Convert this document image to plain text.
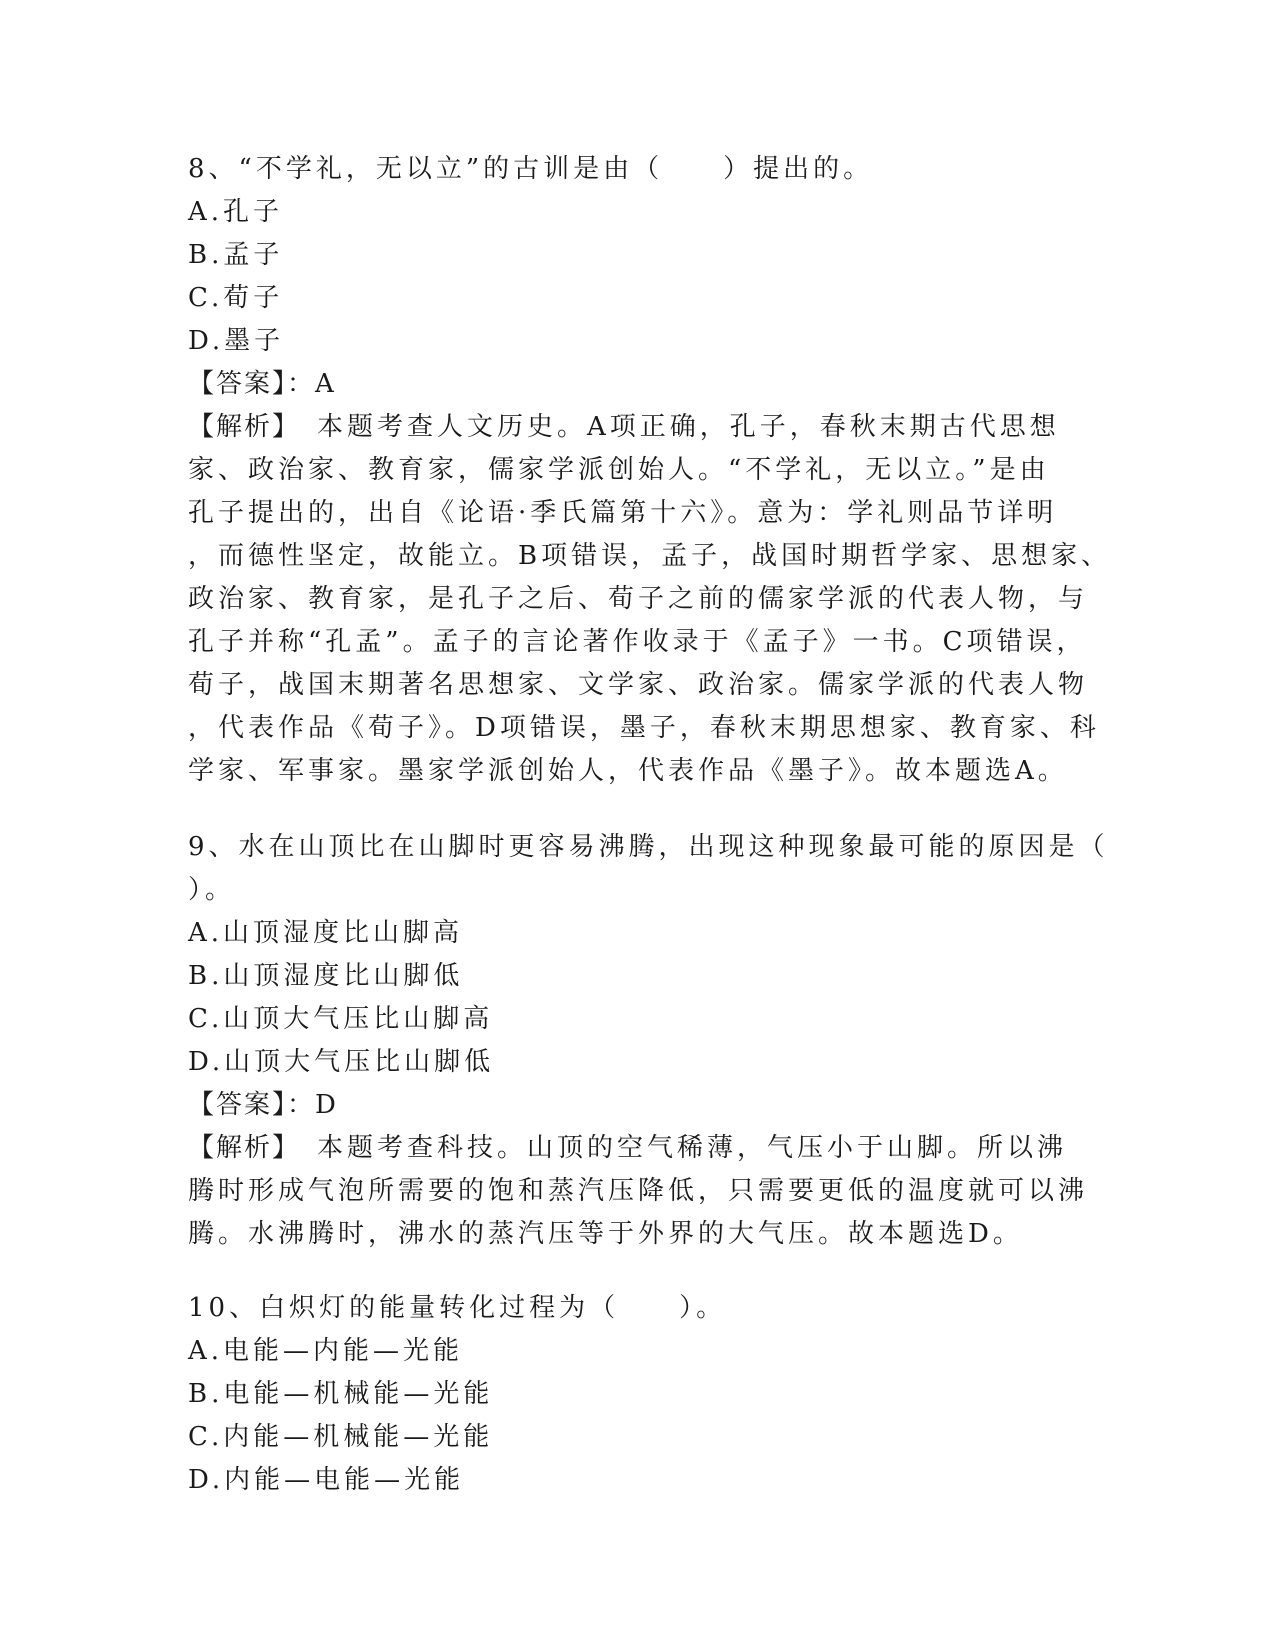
8、“不学礼，无以立”的古训是由（　　）提出的。
A.孔子
B.孟子
C.荀子
D.墨子
【答案】：A
【解析】　本题考查人文历史。A项正确，孔子，春秋末期古代思想
家、政治家、教育家，儒家学派创始人。“不学礼，无以立。”是由
孔子提出的，出自《论语·季氏篇第十六》。意为：学礼则品节详明
，而德性坚定，故能立。B项错误，孟子，战国时期哲学家、思想家、
政治家、教育家，是孔子之后、荀子之前的儒家学派的代表人物，与
孔子并称“孔孟”。孟子的言论著作收录于《孟子》一书。C项错误，
荀子，战国末期著名思想家、文学家、政治家。儒家学派的代表人物
，代表作品《荀子》。D项错误，墨子，春秋末期思想家、教育家、科
学家、军事家。墨家学派创始人，代表作品《墨子》。故本题选A。
9、水在山顶比在山脚时更容易沸腾，出现这种现象最可能的原因是（
）。
A.山顶湿度比山脚高
B.山顶湿度比山脚低
C.山顶大气压比山脚高
D.山顶大气压比山脚低
【答案】：D
【解析】　本题考查科技。山顶的空气稀薄，气压小于山脚。所以沸
腾时形成气泡所需要的饱和蒸汽压降低，只需要更低的温度就可以沸
腾。水沸腾时，沸水的蒸汽压等于外界的大气压。故本题选D。
10、白炽灯的能量转化过程为（　　）。
A.电能—内能—光能
B.电能—机械能—光能
C.内能—机械能—光能
D.内能—电能—光能
